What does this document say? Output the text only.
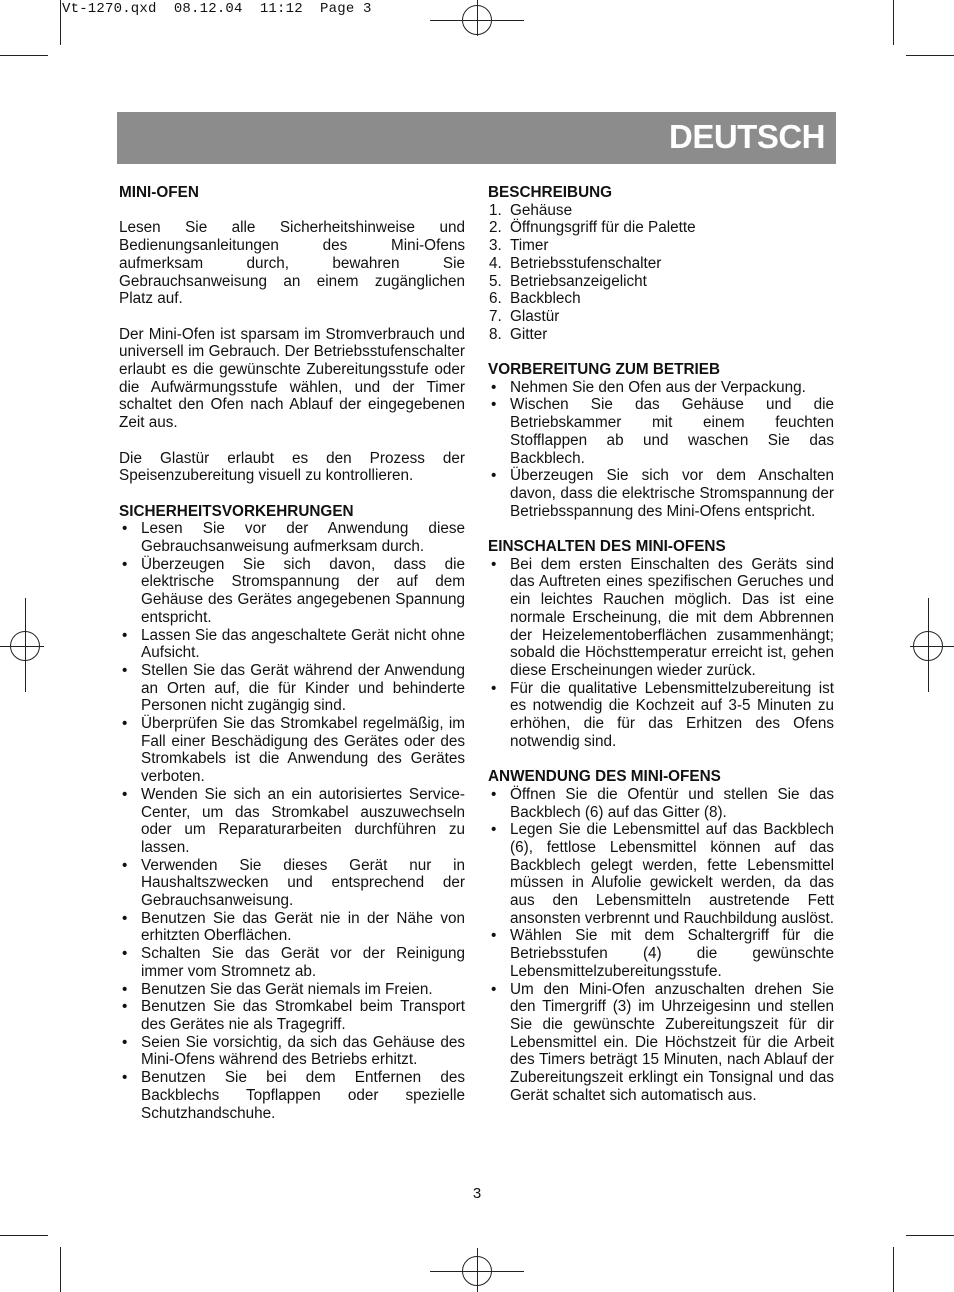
Vt-1270.qxd  08.12.04  11:12  Page 3
DEUTSCH
MINI-OFEN
Lesen Sie alle Sicherheitshinweise und Bedienungsanleitungen des Mini-Ofens aufmerksam durch, bewahren Sie Gebrauchsanweisung an einem zugänglichen Platz auf.
Der Mini-Ofen ist sparsam im Stromverbrauch und universell im Gebrauch. Der Betriebsstufenschalter erlaubt es die gewünschte Zubereitungsstufe oder die Aufwärmungsstufe wählen, und der Timer schaltet den Ofen nach Ablauf der eingegebenen Zeit aus.
Die Glastür erlaubt es den Prozess der Speisenzubereitung visuell zu kontrollieren.
SICHERHEITSVORKEHRUNGEN
• Lesen Sie vor der Anwendung diese Gebrauchsanweisung aufmerksam durch.
• Überzeugen Sie sich davon, dass die elektrische Stromspannung der auf dem Gehäuse des Gerätes angegebenen Spannung entspricht.
• Lassen Sie das angeschaltete Gerät nicht ohne Aufsicht.
• Stellen Sie das Gerät während der Anwendung an Orten auf, die für Kinder und behinderte Personen nicht zugängig sind.
• Überprüfen Sie das Stromkabel regelmäßig, im Fall einer Beschädigung des Gerätes oder des Stromkabels ist die Anwendung des Gerätes verboten.
• Wenden Sie sich an ein autorisiertes Service-Center, um das Stromkabel auszuwechseln oder um Reparaturarbeiten durchführen zu lassen.
• Verwenden Sie dieses Gerät nur in Haushaltszwecken und entsprechend der Gebrauchsanweisung.
• Benutzen Sie das Gerät nie in der Nähe von erhitzten Oberflächen.
• Schalten Sie das Gerät vor der Reinigung immer vom Stromnetz ab.
• Benutzen Sie das Gerät niemals im Freien.
• Benutzen Sie das Stromkabel beim Transport des Gerätes nie als Tragegriff.
• Seien Sie vorsichtig, da sich das Gehäuse des Mini-Ofens während des Betriebs erhitzt.
• Benutzen Sie bei dem Entfernen des Backblechs Topflappen oder spezielle Schutzhandschuhe.
BESCHREIBUNG
1. Gehäuse
2. Öffnungsgriff für die Palette
3. Timer
4. Betriebsstufenschalter
5. Betriebsanzeigelicht
6. Backblech
7. Glastür
8. Gitter
VORBEREITUNG ZUM BETRIEB
• Nehmen Sie den Ofen aus der Verpackung.
• Wischen Sie das Gehäuse und die Betriebskammer mit einem feuchten Stofflappen ab und waschen Sie das Backblech.
• Überzeugen Sie sich vor dem Anschalten davon, dass die elektrische Stromspannung der Betriebsspannung des Mini-Ofens entspricht.
EINSCHALTEN DES MINI-OFENS
• Bei dem ersten Einschalten des Geräts sind das Auftreten eines spezifischen Geruches und ein leichtes Rauchen möglich. Das ist eine normale Erscheinung, die mit dem Abbrennen der Heizelementoberflächen zusammenhängt; sobald die Höchsttemperatur erreicht ist, gehen diese Erscheinungen wieder zurück.
• Für die qualitative Lebensmittelzubereitung ist es notwendig die Kochzeit auf 3-5 Minuten zu erhöhen, die für das Erhitzen des Ofens notwendig sind.
ANWENDUNG DES MINI-OFENS
• Öffnen Sie die Ofentür und stellen Sie das Backblech (6) auf das Gitter (8).
• Legen Sie die Lebensmittel auf das Backblech (6), fettlose Lebensmittel können auf das Backblech gelegt werden, fette Lebensmittel müssen in Alufolie gewickelt werden, da das aus den Lebensmitteln austretende Fett ansonsten verbrennt und Rauchbildung auslöst.
• Wählen Sie mit dem Schaltergriff für die Betriebsstufen (4) die gewünschte Lebensmittelzubereitungsstufe.
• Um den Mini-Ofen anzuschalten drehen Sie den Timergriff (3) im Uhrzeigesinn und stellen Sie die gewünschte Zubereitungszeit für dir Lebensmittel ein. Die Höchstzeit für die Arbeit des Timers beträgt 15 Minuten, nach Ablauf der Zubereitungszeit erklingt ein Tonsignal und das Gerät schaltet sich automatisch aus.
3
